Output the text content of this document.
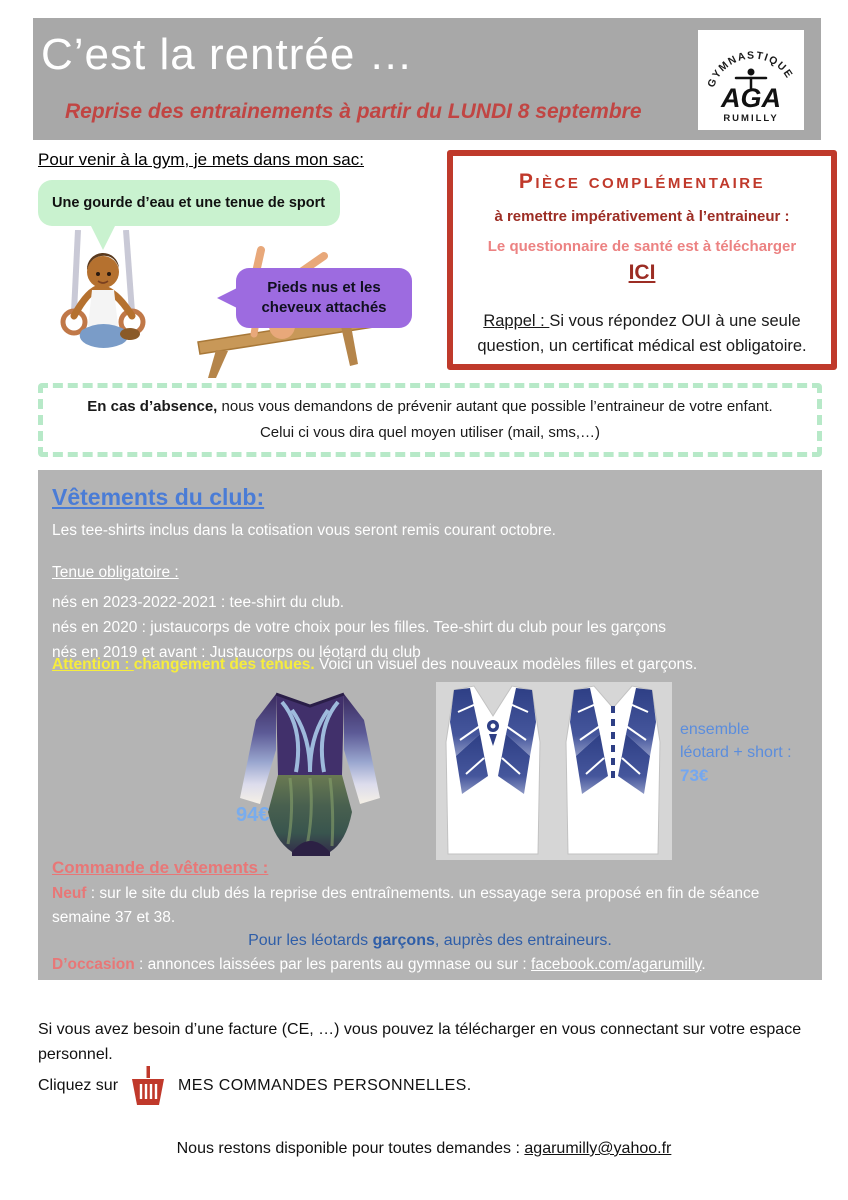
C’est la rentrée …
Reprise des entrainements à partir du LUNDI 8 septembre
GYMNASTIQUE
AGA
RUMILLY
Pour venir à la gym, je mets dans mon sac:
Une gourde d’eau et une tenue de sport
Pieds nus et les
cheveux attachés
Pièce complémentaire
à remettre impérativement à l’entraineur :
Le questionnaire de santé est à télécharger
ICI
Rappel : Si vous répondez OUI à une seule question, un certificat médical est obligatoire.
En cas d’absence, nous vous demandons de prévenir autant que possible l’entraineur de votre enfant.
Celui ci vous dira quel moyen utiliser (mail, sms,…)
Vêtements du club:
Les tee-shirts inclus dans la cotisation vous seront remis courant octobre.
Tenue obligatoire :
nés en 2023-2022-2021 : tee-shirt du club.
nés en 2020 : justaucorps de votre choix pour les filles. Tee-shirt du club pour les garçons
nés en 2019 et avant : Justaucorps ou léotard du club
Attention : changement des tenues. Voici un visuel des nouveaux modèles filles et garçons.
94€
ensemble
léotard + short :
73€
Commande de vêtements :
Neuf : sur le site du club dés la reprise des entraînements. un essayage sera proposé en fin de séance semaine 37 et 38.
Pour les léotards garçons, auprès des entraineurs.
D’occasion : annonces laissées par les parents au gymnase ou sur : facebook.com/agarumilly.
Si vous avez besoin d’une facture (CE, …) vous pouvez la télécharger en vous connectant sur votre espace personnel.
Cliquez sur	MES COMMANDES PERSONNELLES.
Nous restons disponible pour toutes demandes : agarumilly@yahoo.fr
